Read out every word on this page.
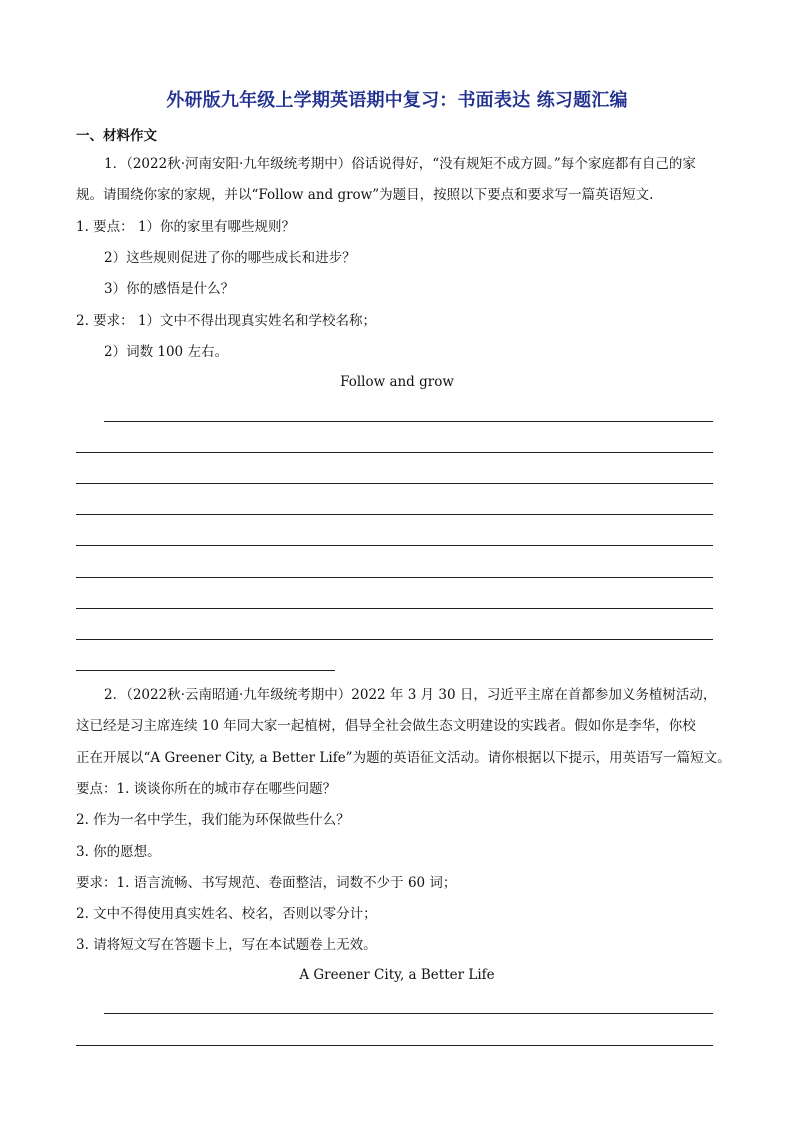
外研版九年级上学期英语期中复习：书面表达 练习题汇编
一、材料作文
1．（2022秋·河南安阳·九年级统考期中）俗话说得好，“没有规矩不成方圆。”每个家庭都有自己的家
规。请围绕你家的家规，并以“Follow and grow”为题目，按照以下要点和要求写一篇英语短文.
1. 要点： 1）你的家里有哪些规则？
2）这些规则促进了你的哪些成长和进步？
3）你的感悟是什么？
2. 要求： 1）文中不得出现真实姓名和学校名称；
2）词数 100 左右。
Follow and grow
2．（2022秋·云南昭通·九年级统考期中）2022 年 3 月 30 日，习近平主席在首都参加义务植树活动，
这已经是习主席连续 10 年同大家一起植树，倡导全社会做生态文明建设的实践者。假如你是李华，你校
正在开展以“A Greener City, a Better Life”为题的英语征文活动。请你根据以下提示，用英语写一篇短文。
要点：1. 谈谈你所在的城市存在哪些问题？
2. 作为一名中学生，我们能为环保做些什么？
3. 你的愿想。
要求：1. 语言流畅、书写规范、卷面整洁，词数不少于 60 词；
2. 文中不得使用真实姓名、校名，否则以零分计；
3. 请将短文写在答题卡上，写在本试题卷上无效。
A Greener City, a Better Life
